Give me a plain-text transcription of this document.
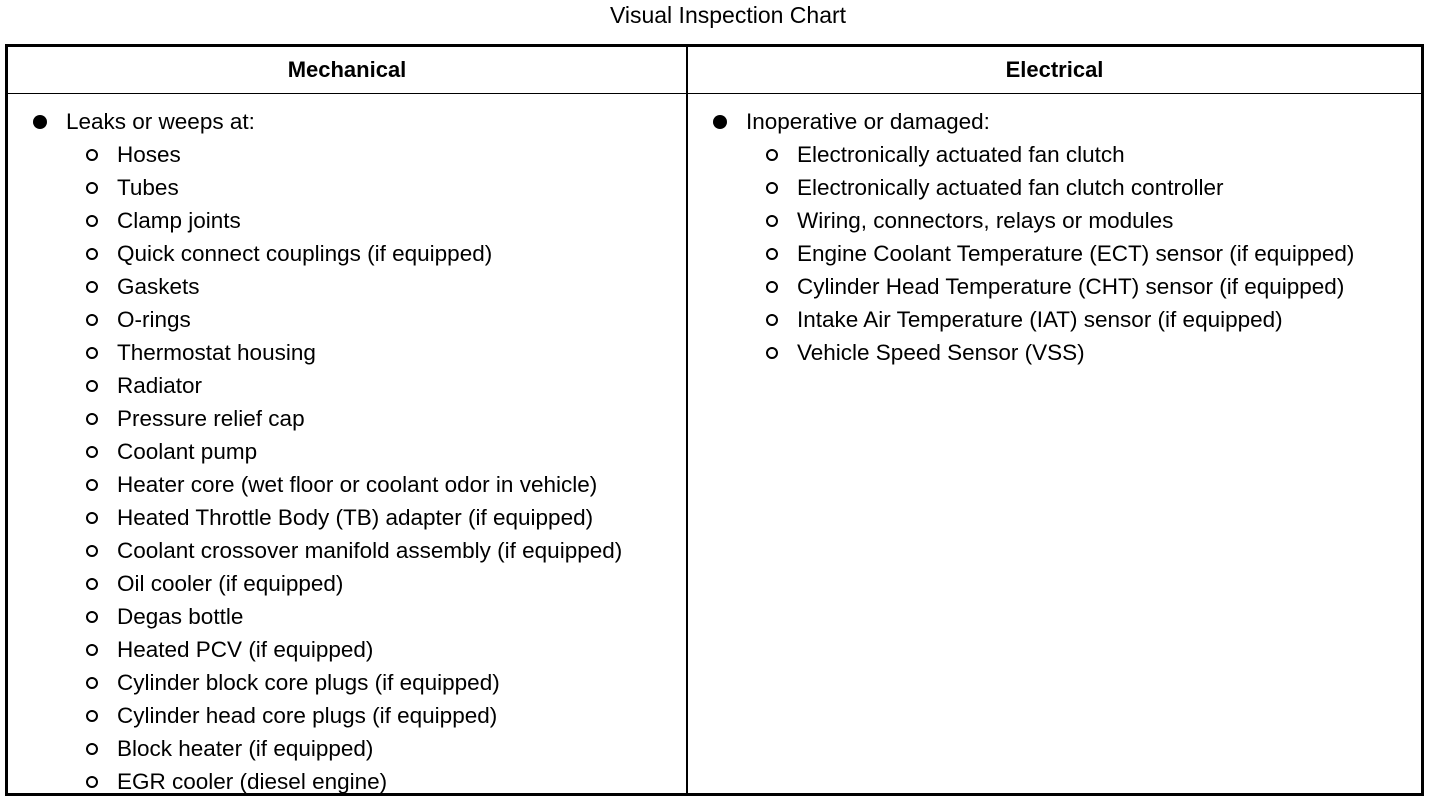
Visual Inspection Chart
Mechanical	Electrical
Leaks or weeps at:
Hoses
Tubes
Clamp joints
Quick connect couplings (if equipped)
Gaskets
O-rings
Thermostat housing
Radiator
Pressure relief cap
Coolant pump
Heater core (wet floor or coolant odor in vehicle)
Heated Throttle Body (TB) adapter (if equipped)
Coolant crossover manifold assembly (if equipped)
Oil cooler (if equipped)
Degas bottle
Heated PCV (if equipped)
Cylinder block core plugs (if equipped)
Cylinder head core plugs (if equipped)
Block heater (if equipped)
EGR cooler (diesel engine)
Inoperative or damaged:
Electronically actuated fan clutch
Electronically actuated fan clutch controller
Wiring, connectors, relays or modules
Engine Coolant Temperature (ECT) sensor (if equipped)
Cylinder Head Temperature (CHT) sensor (if equipped)
Intake Air Temperature (IAT) sensor (if equipped)
Vehicle Speed Sensor (VSS)
